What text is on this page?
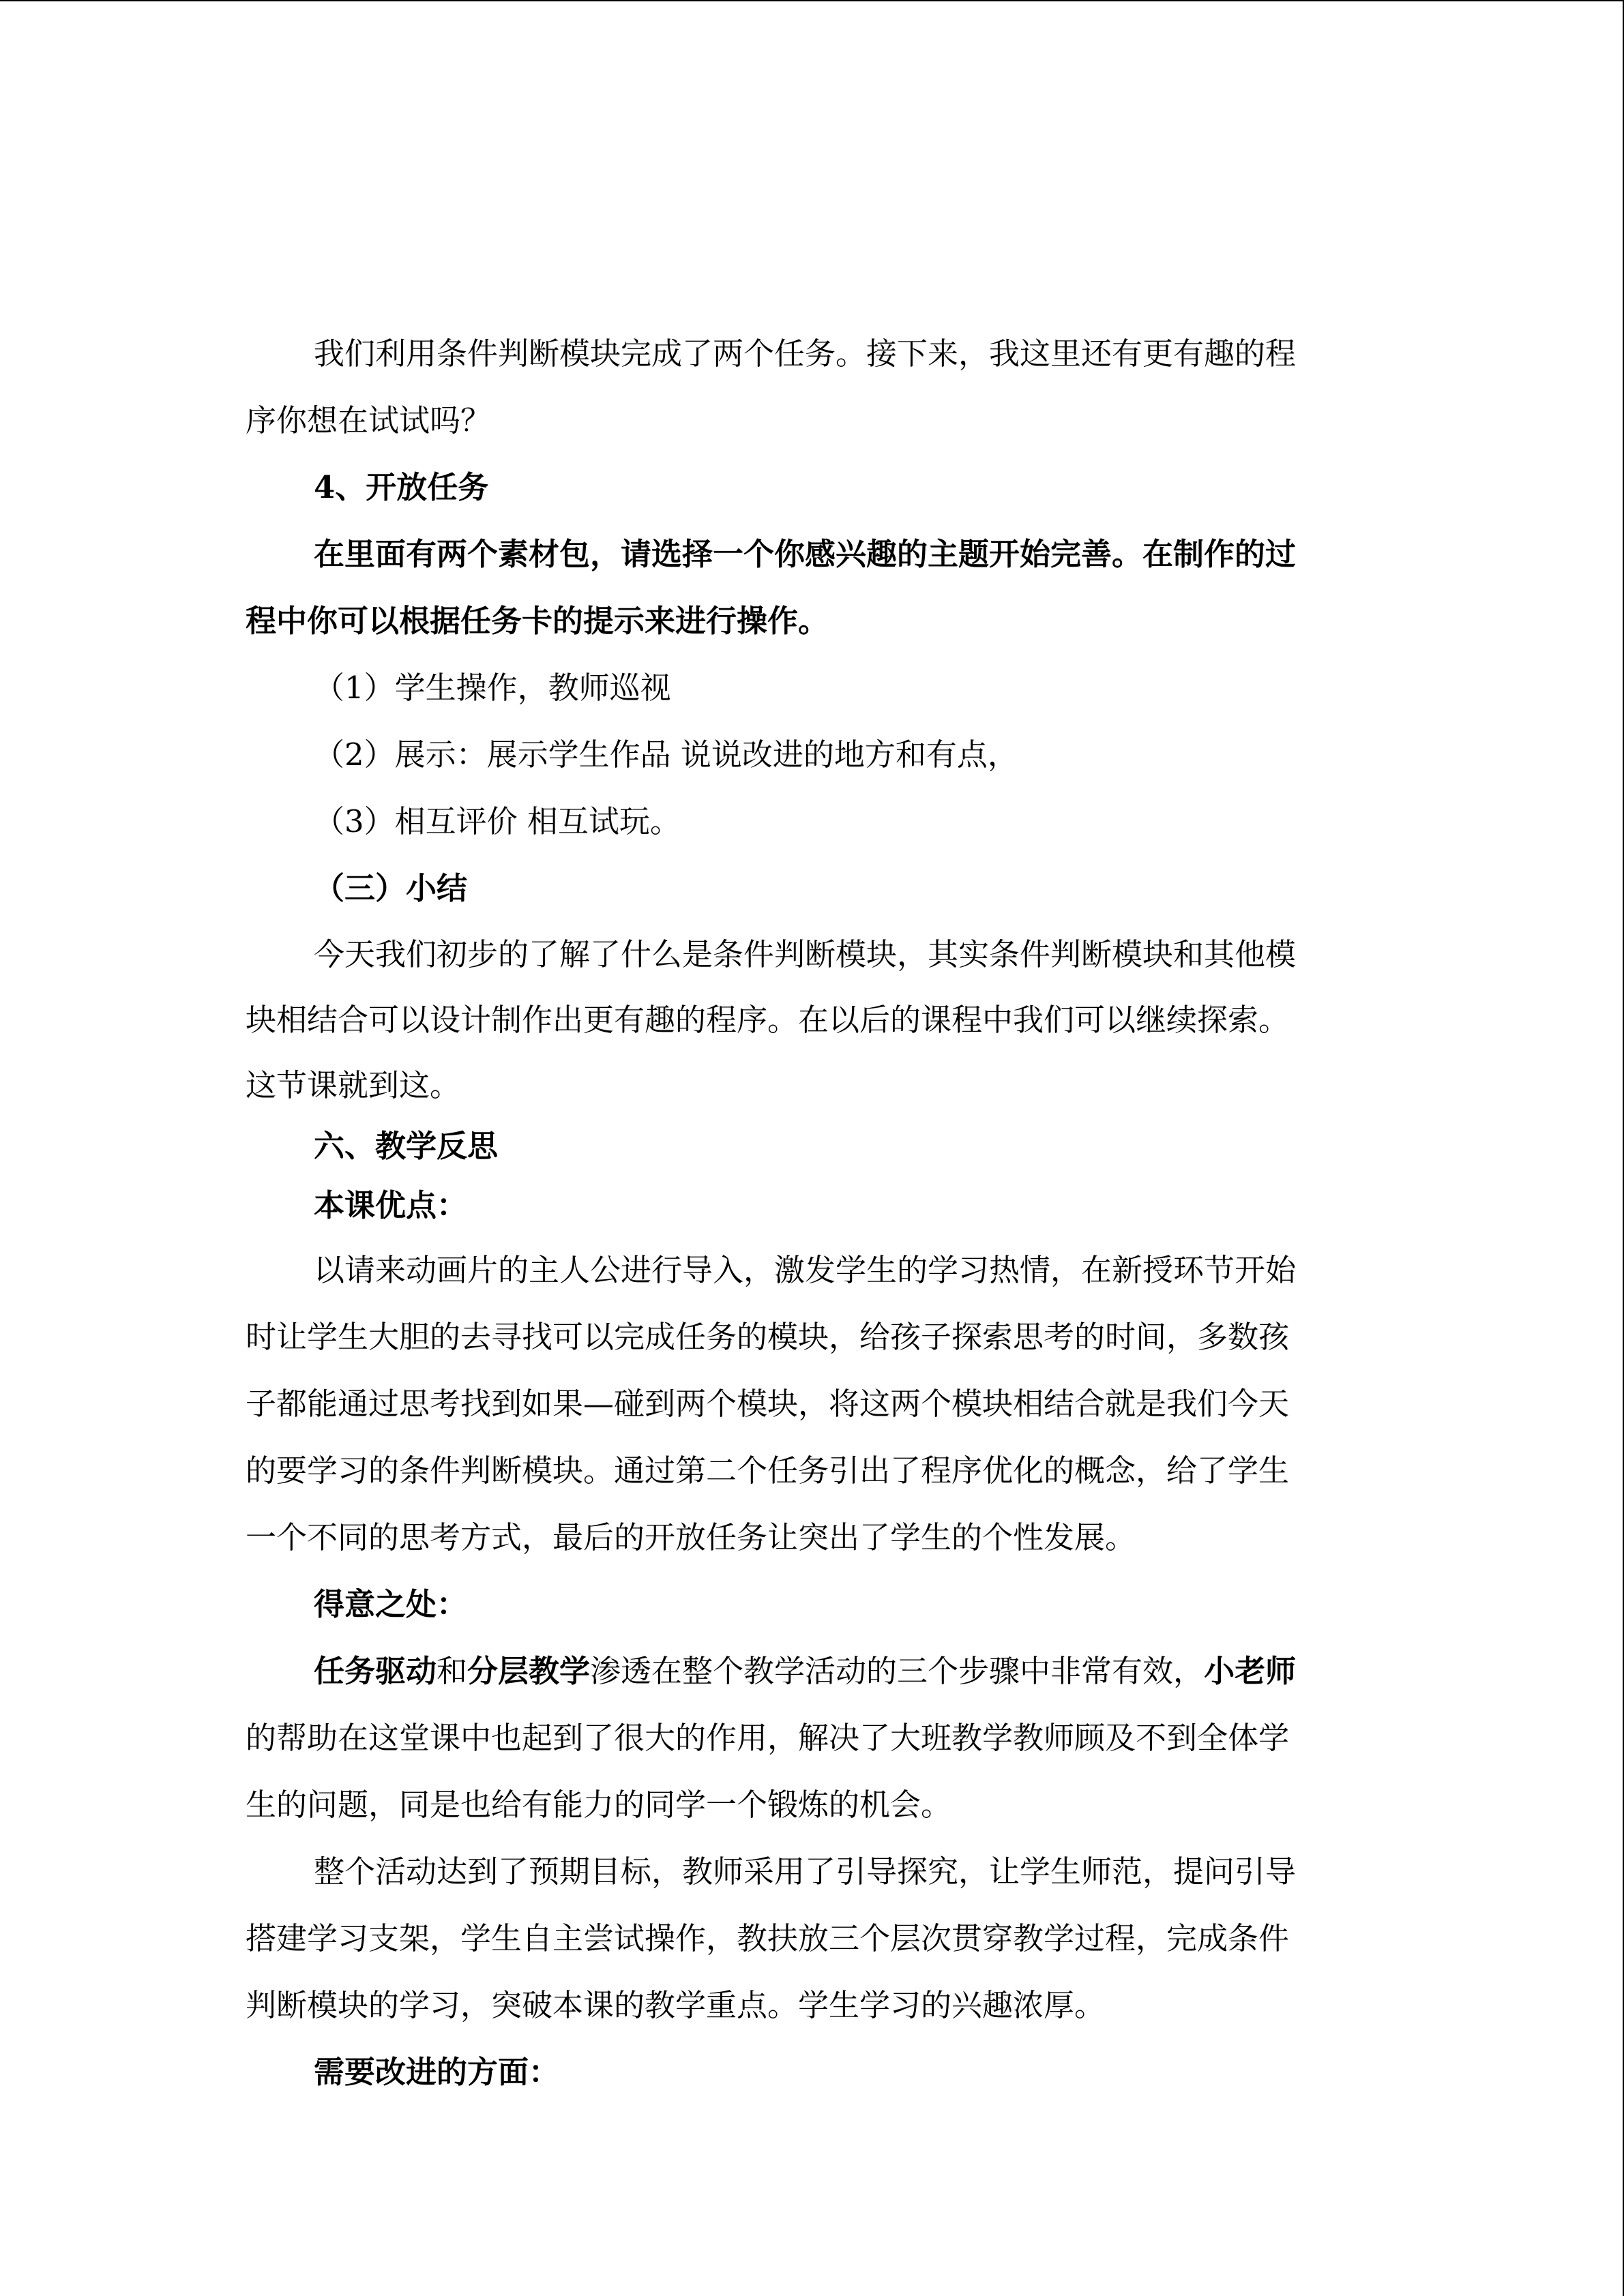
我们利用条件判断模块完成了两个任务。接下来，我这里还有更有趣的程

序你想在试试吗？

4、开放任务

在里面有两个素材包，请选择一个你感兴趣的主题开始完善。在制作的过

程中你可以根据任务卡的提示来进行操作。

（1）学生操作，教师巡视

（2）展示：展示学生作品 说说改进的地方和有点，

（3）相互评价 相互试玩。

（三）小结

今天我们初步的了解了什么是条件判断模块，其实条件判断模块和其他模

块相结合可以设计制作出更有趣的程序。在以后的课程中我们可以继续探索。

这节课就到这。

六、教学反思

本课优点：

以请来动画片的主人公进行导入，激发学生的学习热情，在新授环节开始

时让学生大胆的去寻找可以完成任务的模块，给孩子探索思考的时间，多数孩

子都能通过思考找到如果—碰到两个模块，将这两个模块相结合就是我们今天

的要学习的条件判断模块。通过第二个任务引出了程序优化的概念，给了学生

一个不同的思考方式，最后的开放任务让突出了学生的个性发展。

得意之处：

任务驱动和分层教学渗透在整个教学活动的三个步骤中非常有效，小老师

的帮助在这堂课中也起到了很大的作用，解决了大班教学教师顾及不到全体学

生的问题，同是也给有能力的同学一个锻炼的机会。

整个活动达到了预期目标，教师采用了引导探究，让学生师范，提问引导

搭建学习支架，学生自主尝试操作，教扶放三个层次贯穿教学过程，完成条件

判断模块的学习，突破本课的教学重点。学生学习的兴趣浓厚。

需要改进的方面：
